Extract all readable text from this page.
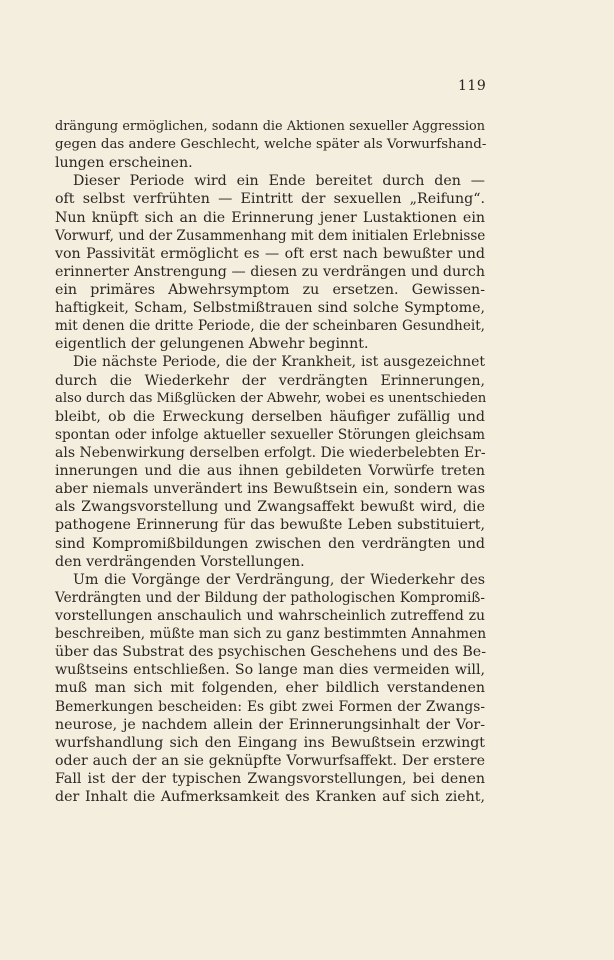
119
drängung ermöglichen, sodann die Aktionen sexueller Aggression
gegen das andere Geschlecht, welche später als Vorwurfshand-
lungen erscheinen.
Dieser Periode wird ein Ende bereitet durch den —
oft selbst verfrühten — Eintritt der sexuellen „Reifung“.
Nun knüpft sich an die Erinnerung jener Lustaktionen ein
Vorwurf, und der Zusammenhang mit dem initialen Erlebnisse
von Passivität ermöglicht es — oft erst nach bewußter und
erinnerter Anstrengung — diesen zu verdrängen und durch
ein primäres Abwehrsymptom zu ersetzen. Gewissen-
haftigkeit, Scham, Selbstmißtrauen sind solche Symptome,
mit denen die dritte Periode, die der scheinbaren Gesundheit,
eigentlich der gelungenen Abwehr beginnt.
Die nächste Periode, die der Krankheit, ist ausgezeichnet
durch die Wiederkehr der verdrängten Erinnerungen,
also durch das Mißglücken der Abwehr, wobei es unentschieden
bleibt, ob die Erweckung derselben häufiger zufällig und
spontan oder infolge aktueller sexueller Störungen gleichsam
als Nebenwirkung derselben erfolgt. Die wiederbelebten Er-
innerungen und die aus ihnen gebildeten Vorwürfe treten
aber niemals unverändert ins Bewußtsein ein, sondern was
als Zwangsvorstellung und Zwangsaffekt bewußt wird, die
pathogene Erinnerung für das bewußte Leben substituiert,
sind Kompromißbildungen zwischen den verdrängten und
den verdrängenden Vorstellungen.
Um die Vorgänge der Verdrängung, der Wiederkehr des
Verdrängten und der Bildung der pathologischen Kompromiß-
vorstellungen anschaulich und wahrscheinlich zutreffend zu
beschreiben, müßte man sich zu ganz bestimmten Annahmen
über das Substrat des psychischen Geschehens und des Be-
wußtseins entschließen. So lange man dies vermeiden will,
muß man sich mit folgenden, eher bildlich verstandenen
Bemerkungen bescheiden: Es gibt zwei Formen der Zwangs-
neurose, je nachdem allein der Erinnerungsinhalt der Vor-
wurfshandlung sich den Eingang ins Bewußtsein erzwingt
oder auch der an sie geknüpfte Vorwurfsaffekt. Der erstere
Fall ist der der typischen Zwangsvorstellungen, bei denen
der Inhalt die Aufmerksamkeit des Kranken auf sich zieht,
